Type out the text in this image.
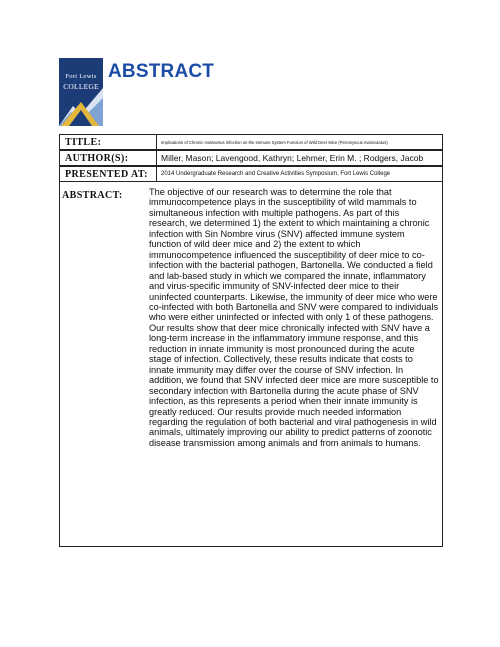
Fort Lewis
COLLEGE
ABSTRACT
TITLE:	Implications of Chronic Hantavirus Infection on the Immune System Function of Wild Deer Mice (Peromyscus maniculatus)
AUTHOR(S):	Miller, Mason; Lavengood, Kathryn; Lehmer, Erin M. ; Rodgers, Jacob
PRESENTED AT: 2014 Undergraduate Research and Creative Activities Symposium, Fort Lewis College
ABSTRACT:	The objective of our research was to determine the role that immunocompetence plays in the susceptibility of wild mammals to simultaneous infection with multiple pathogens. As part of this research, we determined 1) the extent to which maintaining a chronic infection with Sin Nombre virus (SNV) affected immune system function of wild deer mice and 2) the extent to which immunocompetence influenced the susceptibility of deer mice to co-infection with the bacterial pathogen, Bartonella. We conducted a field and lab-based study in which we compared the innate, inflammatory and virus-specific immunity of SNV-infected deer mice to their uninfected counterparts. Likewise, the immunity of deer mice who were co-infected with both Bartonella and SNV were compared to individuals who were either uninfected or infected with only 1 of these pathogens. Our results show that deer mice chronically infected with SNV have a long-term increase in the inflammatory immune response, and this reduction in innate immunity is most pronounced during the acute stage of infection. Collectively, these results indicate that costs to innate immunity may differ over the course of SNV infection. In addition, we found that SNV infected deer mice are more susceptible to secondary infection with Bartonella during the acute phase of SNV infection, as this represents a period when their innate immunity is greatly reduced. Our results provide much needed information regarding the regulation of both bacterial and viral pathogenesis in wild animals, ultimately improving our ability to predict patterns of zoonotic disease transmission among animals and from animals to humans.
